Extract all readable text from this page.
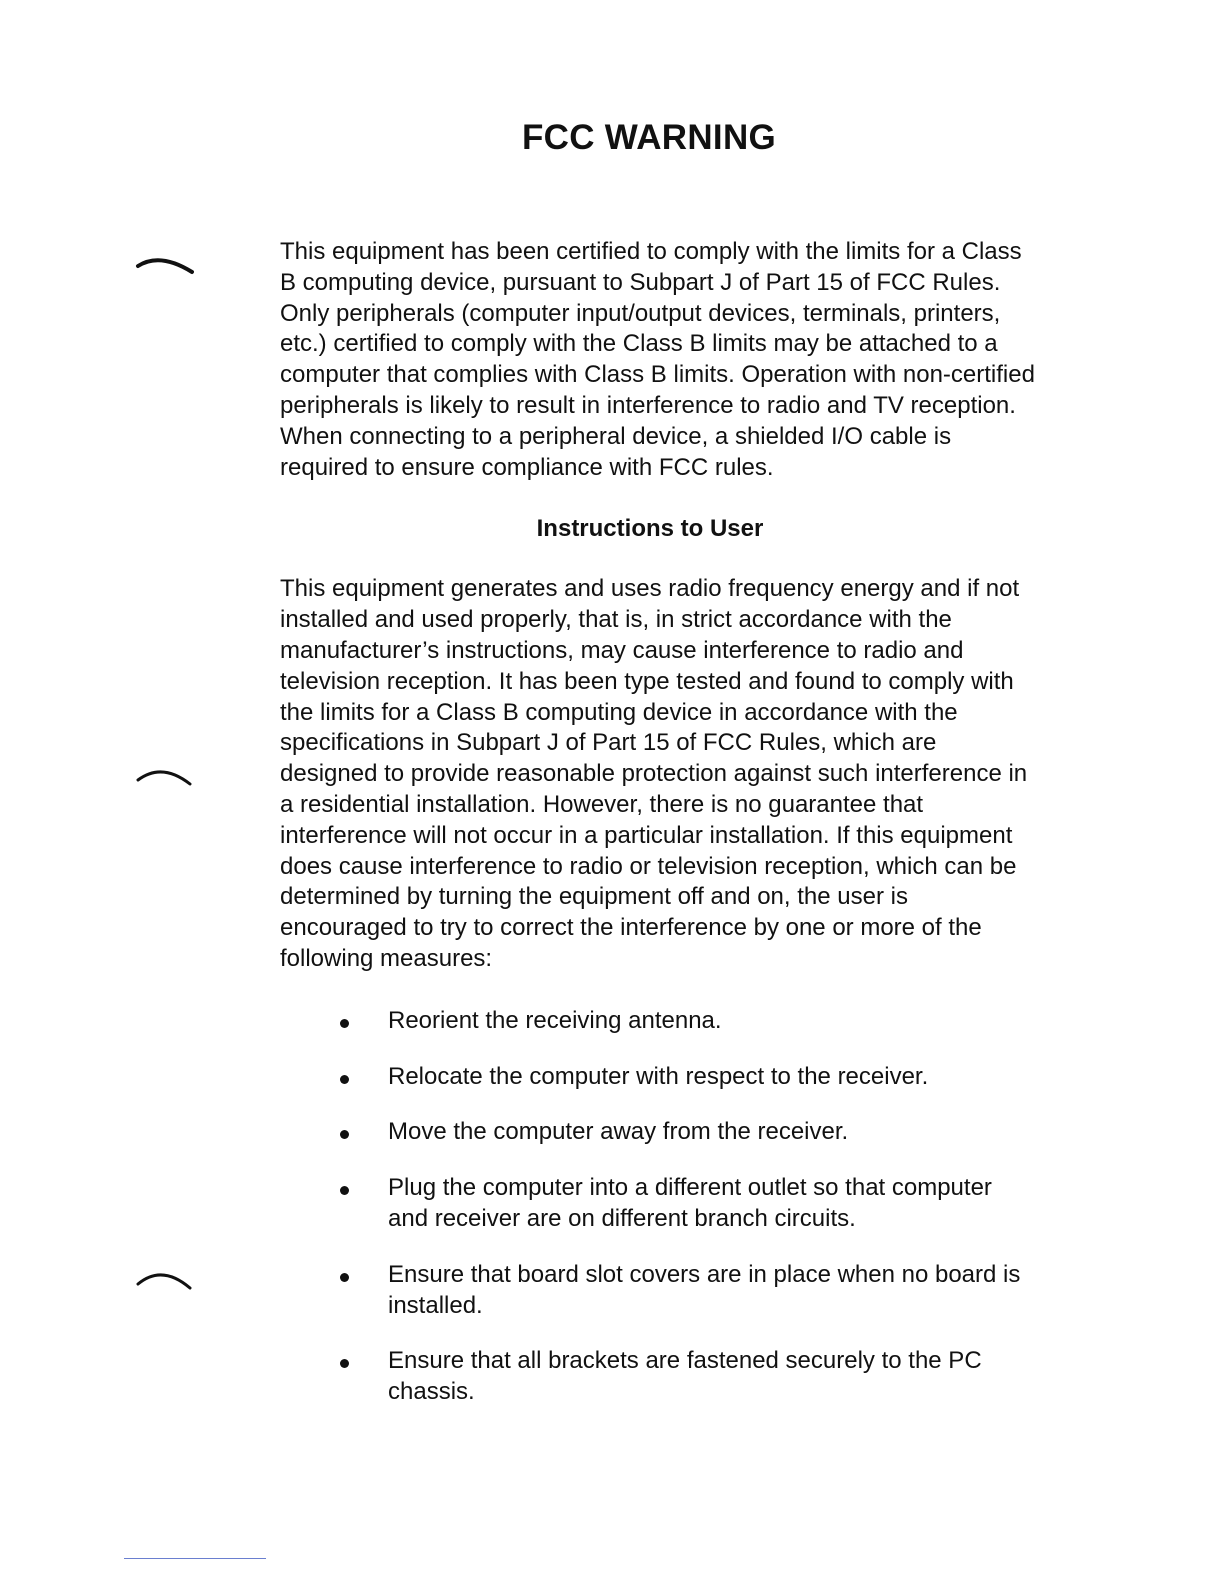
FCC WARNING

This equipment has been certified to comply with the limits for a Class B computing device, pursuant to Subpart J of Part 15 of FCC Rules. Only peripherals (computer input/output devices, terminals, printers, etc.) certified to comply with the Class B limits may be attached to a computer that complies with Class B limits. Operation with non-certified peripherals is likely to result in interference to radio and TV reception. When connecting to a peripheral device, a shielded I/O cable is required to ensure compliance with FCC rules.

Instructions to User

This equipment generates and uses radio frequency energy and if not installed and used properly, that is, in strict accordance with the manufacturer’s instructions, may cause interference to radio and television reception. It has been type tested and found to comply with the limits for a Class B computing device in accordance with the specifications in Subpart J of Part 15 of FCC Rules, which are designed to provide reasonable protection against such interference in a residential installation. However, there is no guarantee that interference will not occur in a particular installation. If this equipment does cause interference to radio or television reception, which can be determined by turning the equipment off and on, the user is encouraged to try to correct the interference by one or more of the following measures:

Reorient the receiving antenna.
Relocate the computer with respect to the receiver.
Move the computer away from the receiver.
Plug the computer into a different outlet so that computer and receiver are on different branch circuits.
Ensure that board slot covers are in place when no board is installed.
Ensure that all brackets are fastened securely to the PC chassis.
